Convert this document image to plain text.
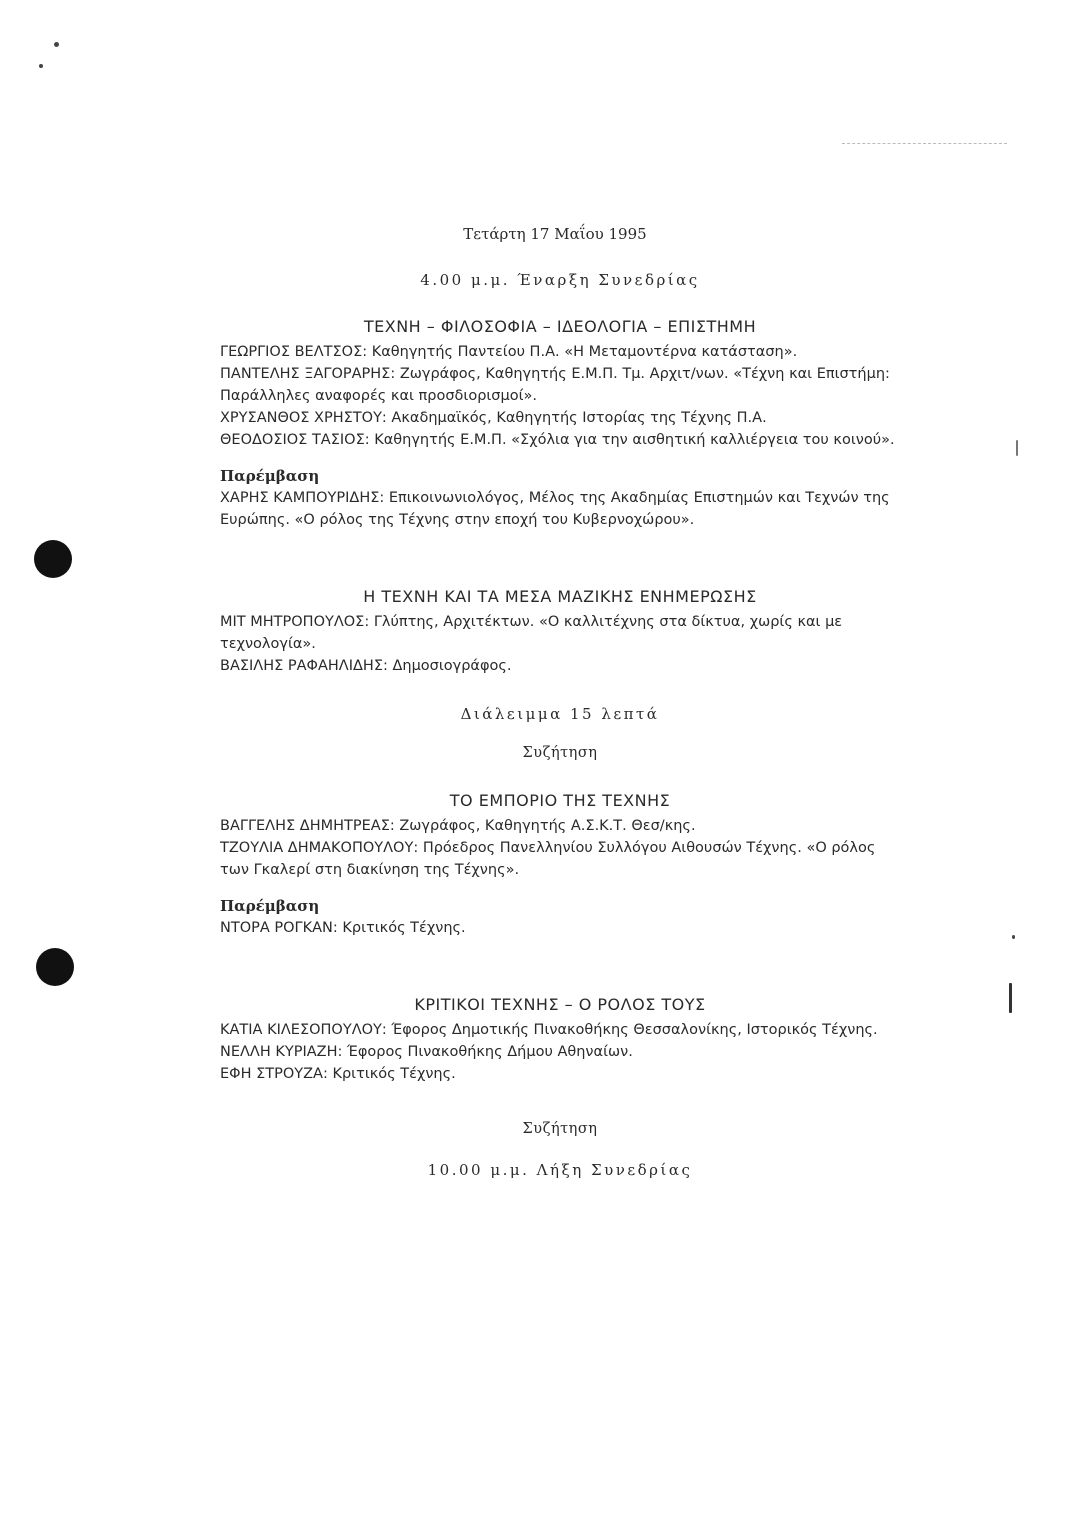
Τετάρτη 17 Μαΐου 1995
4.00 μ.μ. Έναρξη Συνεδρίας
ΤΕΧΝΗ – ΦΙΛΟΣΟΦΙΑ – ΙΔΕΟΛΟΓΙΑ – ΕΠΙΣΤΗΜΗ

ΓΕΩΡΓΙΟΣ ΒΕΛΤΣΟΣ: Καθηγητής Παντείου Π.Α. «Η Μεταμοντέρνα κατάσταση».

ΠΑΝΤΕΛΗΣ ΞΑΓΟΡΑΡΗΣ: Ζωγράφος, Καθηγητής Ε.Μ.Π. Τμ. Αρχιτ/νων. «Τέχνη και Επιστήμη: Παράλληλες αναφορές και προσδιορισμοί».

ΧΡΥΣΑΝΘΟΣ ΧΡΗΣΤΟΥ: Ακαδημαϊκός, Καθηγητής Ιστορίας της Τέχνης Π.Α.

ΘΕΟΔΟΣΙΟΣ ΤΑΣΙΟΣ: Καθηγητής Ε.Μ.Π. «Σχόλια για την αισθητική καλλιέργεια του κοινού».

Παρέμβαση
ΧΑΡΗΣ ΚΑΜΠΟΥΡΙΔΗΣ: Επικοινωνιολόγος, Μέλος της Ακαδημίας Επιστημών και Τεχνών της Ευρώπης. «Ο ρόλος της Τέχνης στην εποχή του Κυβερνοχώρου».
Η ΤΕΧΝΗ ΚΑΙ ΤΑ ΜΕΣΑ ΜΑΖΙΚΗΣ ΕΝΗΜΕΡΩΣΗΣ

ΜΙΤ ΜΗΤΡΟΠΟΥΛΟΣ: Γλύπτης, Αρχιτέκτων. «Ο καλλιτέχνης στα δίκτυα, χωρίς και με τεχνολογία».

ΒΑΣΙΛΗΣ ΡΑΦΑΗΛΙΔΗΣ: Δημοσιογράφος.

Διάλειμμα 15 λεπτά
Συζήτηση
ΤΟ ΕΜΠΟΡΙΟ ΤΗΣ ΤΕΧΝΗΣ

ΒΑΓΓΕΛΗΣ ΔΗΜΗΤΡΕΑΣ: Ζωγράφος, Καθηγητής Α.Σ.Κ.Τ. Θεσ/κης.

ΤΖΟΥΛΙΑ ΔΗΜΑΚΟΠΟΥΛΟΥ: Πρόεδρος Πανελληνίου Συλλόγου Αιθουσών Τέχνης. «Ο ρόλος των Γκαλερί στη διακίνηση της Τέχνης».

Παρέμβαση
ΝΤΟΡΑ ΡΟΓΚΑΝ: Κριτικός Τέχνης.
ΚΡΙΤΙΚΟΙ ΤΕΧΝΗΣ – Ο ΡΟΛΟΣ ΤΟΥΣ

ΚΑΤΙΑ ΚΙΛΕΣΟΠΟΥΛΟΥ: Έφορος Δημοτικής Πινακοθήκης Θεσσαλονίκης, Ιστορικός Τέχνης.

ΝΕΛΛΗ ΚΥΡΙΑΖΗ: Έφορος Πινακοθήκης Δήμου Αθηναίων.

ΕΦΗ ΣΤΡΟΥΖΑ: Κριτικός Τέχνης.

Συζήτηση
10.00 μ.μ. Λήξη Συνεδρίας
